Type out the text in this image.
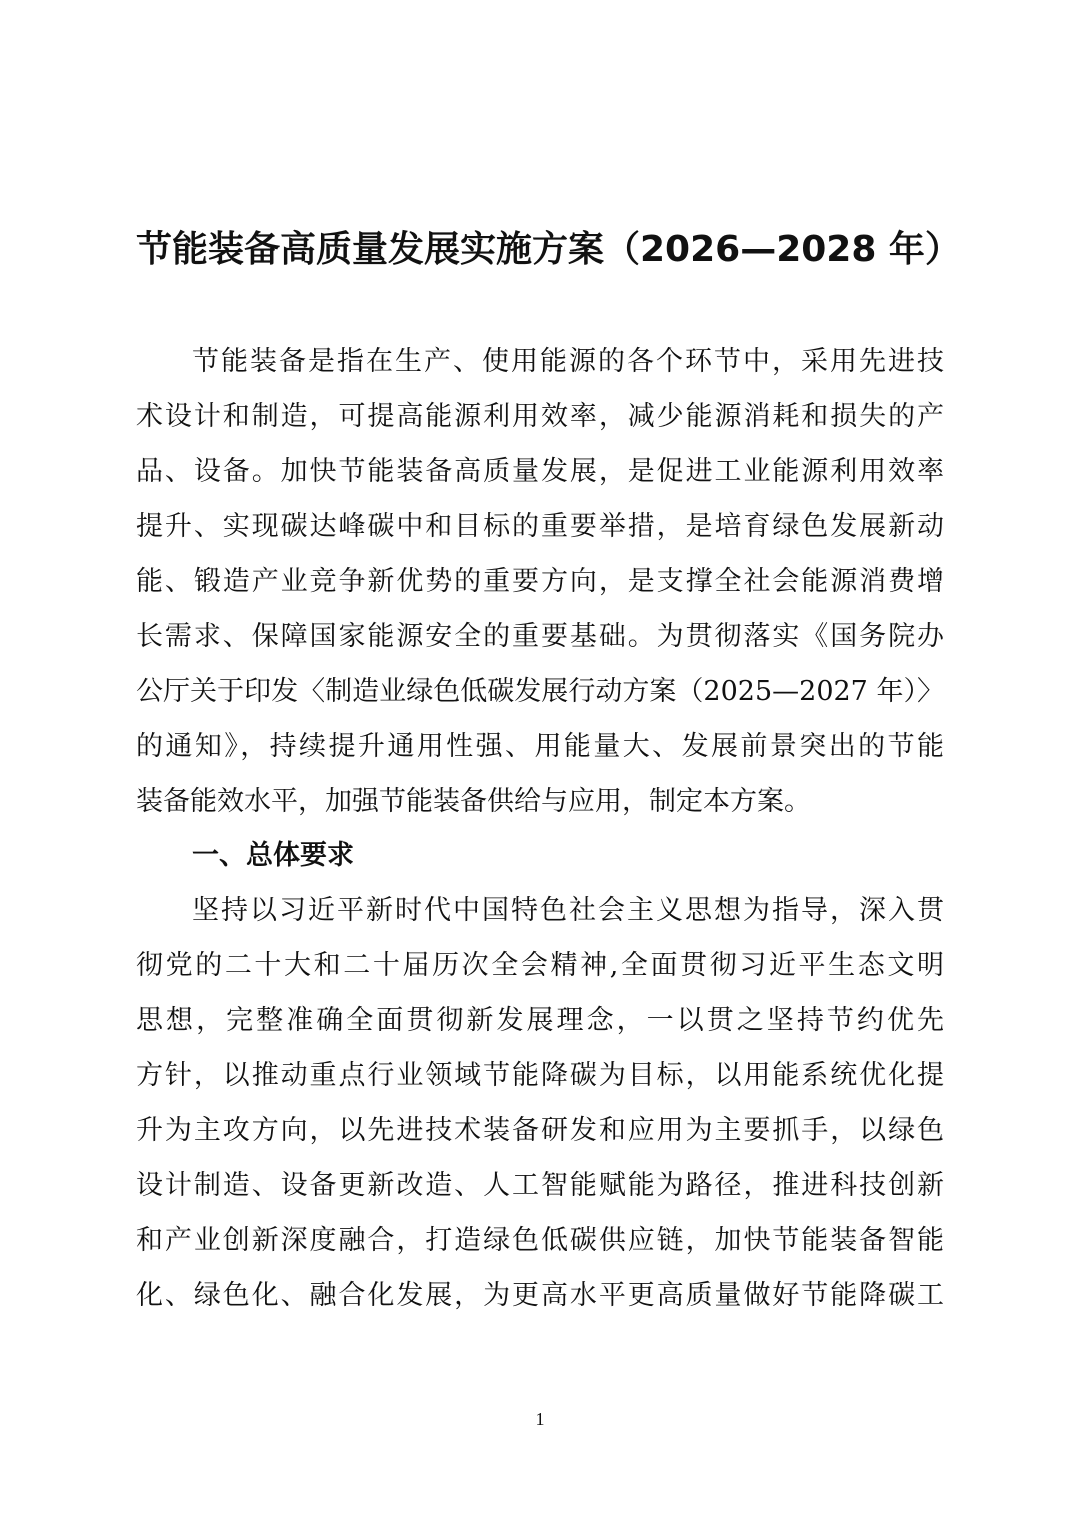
节能装备高质量发展实施方案（2026—2028 年）
节能装备是指在生产、使用能源的各个环节中，采用先进技
术设计和制造，可提高能源利用效率，减少能源消耗和损失的产
品、设备。加快节能装备高质量发展，是促进工业能源利用效率
提升、实现碳达峰碳中和目标的重要举措，是培育绿色发展新动
能、锻造产业竞争新优势的重要方向，是支撑全社会能源消费增
长需求、保障国家能源安全的重要基础。为贯彻落实《国务院办
公厅关于印发〈制造业绿色低碳发展行动方案（2025—2027 年）〉
的通知》，持续提升通用性强、用能量大、发展前景突出的节能
装备能效水平，加强节能装备供给与应用，制定本方案。
一、总体要求
坚持以习近平新时代中国特色社会主义思想为指导，深入贯
彻党的二十大和二十届历次全会精神,全面贯彻习近平生态文明
思想，完整准确全面贯彻新发展理念，一以贯之坚持节约优先
方针，以推动重点行业领域节能降碳为目标，以用能系统优化提
升为主攻方向，以先进技术装备研发和应用为主要抓手，以绿色
设计制造、设备更新改造、人工智能赋能为路径，推进科技创新
和产业创新深度融合，打造绿色低碳供应链，加快节能装备智能
化、绿色化、融合化发展，为更高水平更高质量做好节能降碳工
1
